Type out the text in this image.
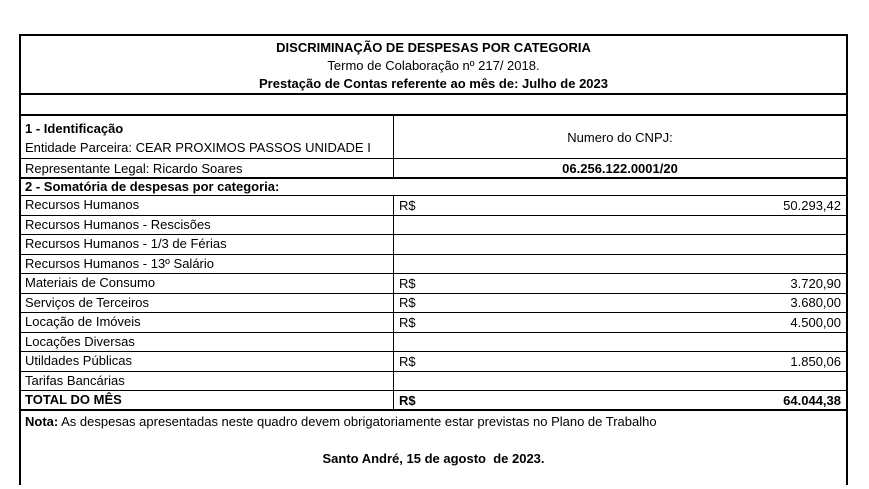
DISCRIMINAÇÃO DE DESPESAS POR CATEGORIA
Termo de Colaboração nº 217/ 2018.
Prestação de Contas referente ao mês de: Julho de 2023
1 - Identificação
Entidade Parceira: CEAR PROXIMOS PASSOS UNIDADE I
Numero do CNPJ:
Representante Legal: Ricardo Soares	06.256.122.0001/20
2 - Somatória de despesas por categoria:
Recursos Humanos	R$	50.293,42
Recursos Humanos - Rescisões
Recursos Humanos - 1/3 de Férias
Recursos Humanos - 13º Salário
Materiais de Consumo	R$	3.720,90
Serviços de Terceiros	R$	3.680,00
Locação de Imóveis	R$	4.500,00
Locações Diversas
Utildades Públicas	R$	1.850,06
Tarifas Bancárias
TOTAL DO MÊS	R$	64.044,38
Nota: As despesas apresentadas neste quadro devem obrigatoriamente estar previstas no Plano de Trabalho
Santo André, 15 de agosto  de 2023.
